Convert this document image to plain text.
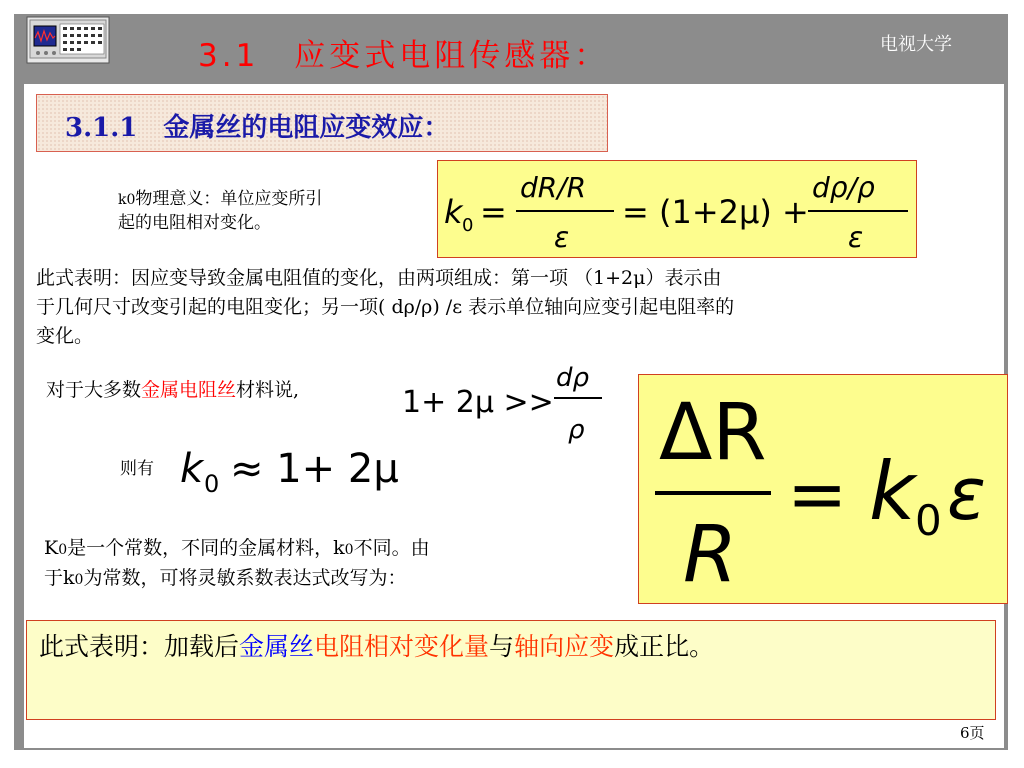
3.1　应变式电阻传感器：	电视大学
3.1.1　金属丝的电阻应变效应：
k0物理意义：单位应变所引
起的电阻相对变化。	k 0 =
dR/R
ε
= (1+2μ) +
dρ/ρ
ε
此式表明：因应变导致金属电阻值的变化，由两项组成：第一项 （1+2μ）表示由
于几何尺寸改变引起的电阻变化；另一项( dρ/ρ) /ε 表示单位轴向应变引起电阻率的
变化。
对于大多数金属电阻丝材料说,	1+ 2μ >>
dρ
ρ
则有 k 0 ≈ 1+ 2μ
K0是一个常数，不同的金属材料，k0不同。由
于k0为常数，可将灵敏系数表达式改写为：
ΔR
R
= k 0 ε
此式表明：加载后金属丝电阻相对变化量与轴向应变成正比。
6页
